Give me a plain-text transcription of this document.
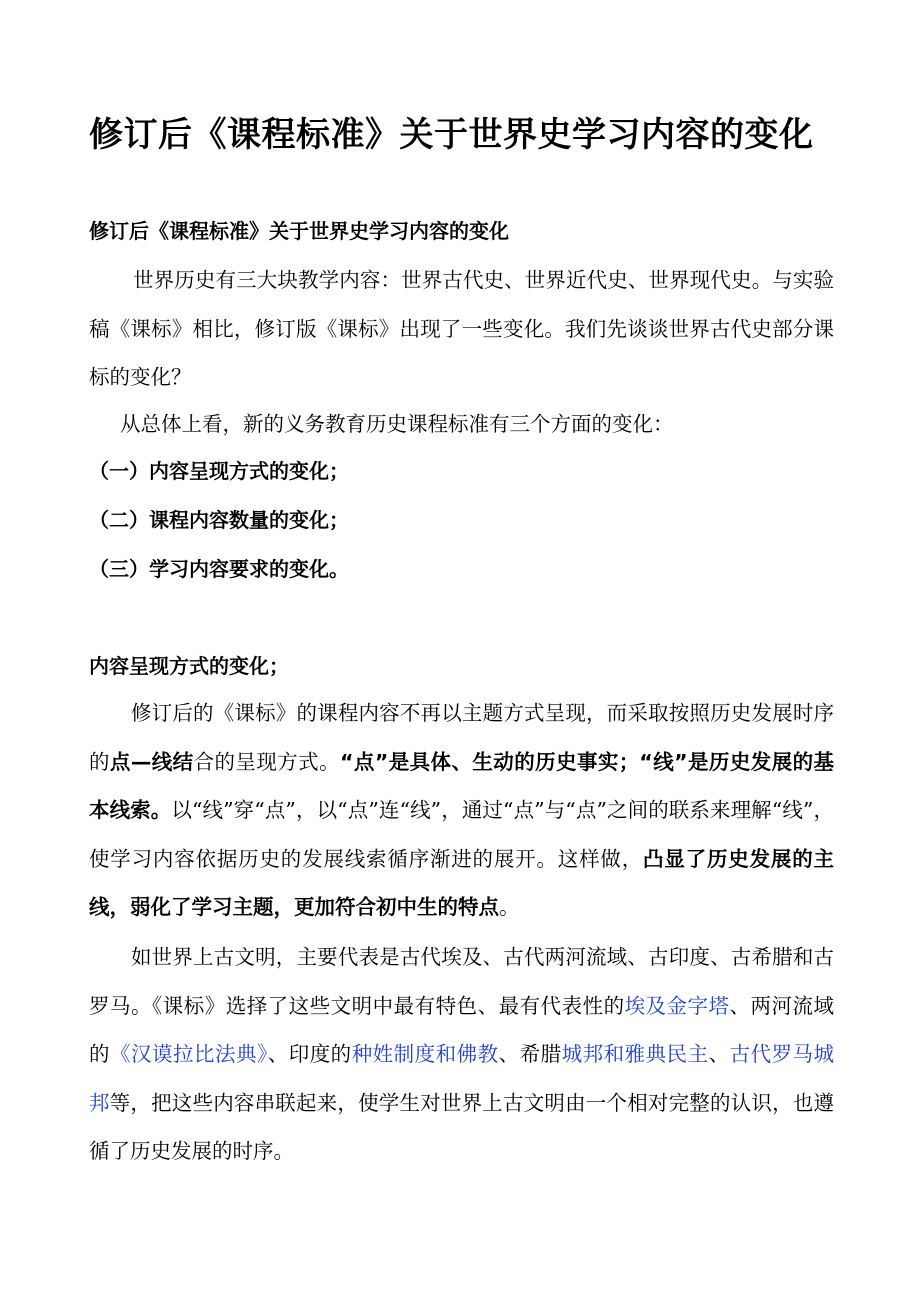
修订后《课程标准》关于世界史学习内容的变化
修订后《课程标准》关于世界史学习内容的变化

世界历史有三大块教学内容：世界古代史、世界近代史、世界现代史。与实验稿《课标》相比，修订版《课标》出现了一些变化。我们先谈谈世界古代史部分课标的变化？

从总体上看，新的义务教育历史课程标准有三个方面的变化：

（一）内容呈现方式的变化；
（二）课程内容数量的变化；
（三）学习内容要求的变化。
内容呈现方式的变化；

修订后的《课标》的课程内容不再以主题方式呈现，而采取按照历史发展时序的点—线结合的呈现方式。“点”是具体、生动的历史事实；“线”是历史发展的基本线索。以“线”穿“点”，以“点”连“线”，通过“点”与“点”之间的联系来理解“线”，使学习内容依据历史的发展线索循序渐进的展开。这样做，凸显了历史发展的主线，弱化了学习主题，更加符合初中生的特点。

如世界上古文明，主要代表是古代埃及、古代两河流域、古印度、古希腊和古罗马。《课标》选择了这些文明中最有特色、最有代表性的埃及金字塔、两河流域的《汉谟拉比法典》、印度的种姓制度和佛教、希腊城邦和雅典民主、古代罗马城邦等，把这些内容串联起来，使学生对世界上古文明由一个相对完整的认识，也遵循了历史发展的时序。
